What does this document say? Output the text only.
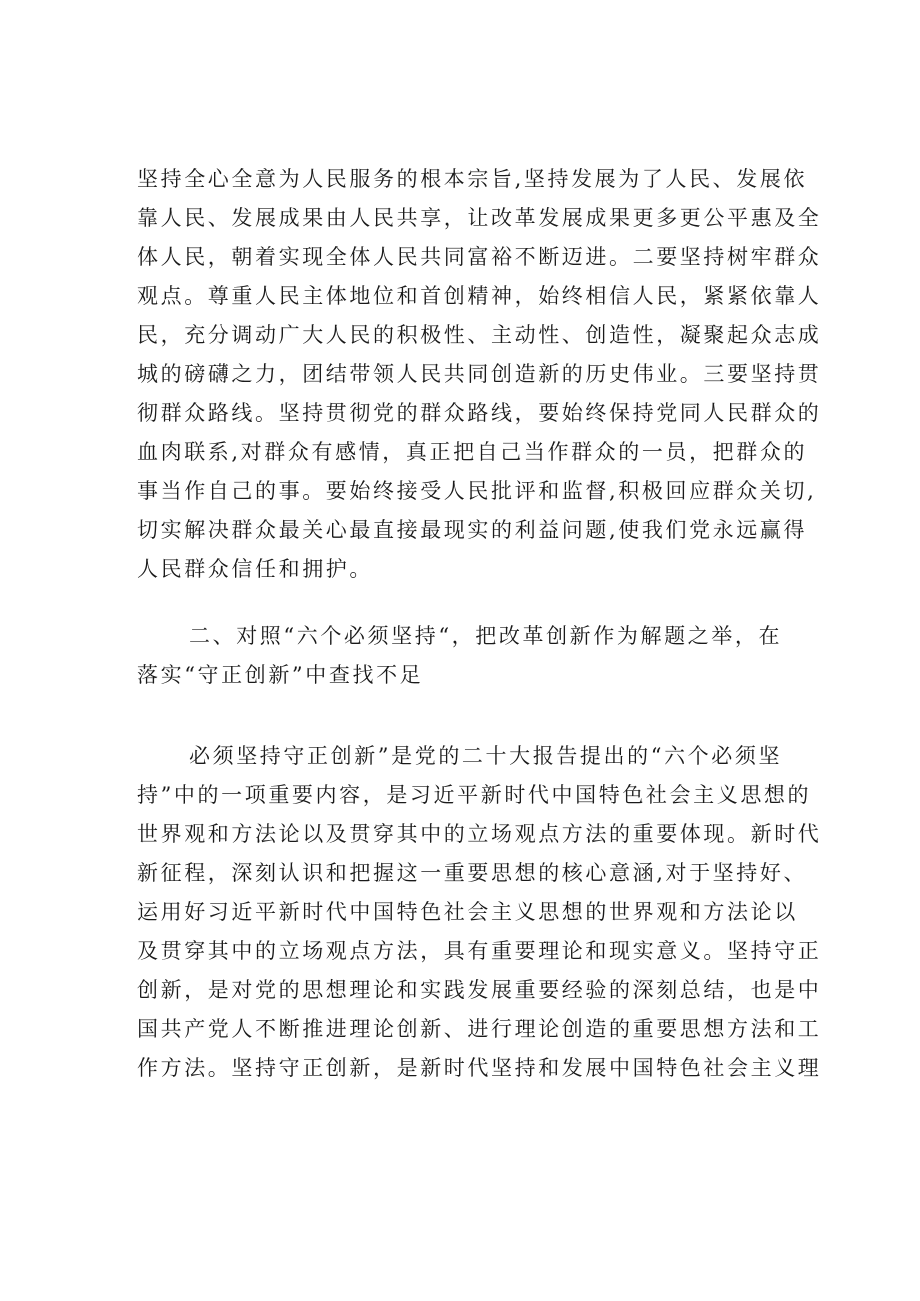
坚持全心全意为人民服务的根本宗旨,坚持发展为了人民、发展依
靠人民、发展成果由人民共享，让改革发展成果更多更公平惠及全
体人民，朝着实现全体人民共同富裕不断迈进。二要坚持树牢群众
观点。尊重人民主体地位和首创精神，始终相信人民，紧紧依靠人
民，充分调动广大人民的积极性、主动性、创造性，凝聚起众志成
城的磅礴之力，团结带领人民共同创造新的历史伟业。三要坚持贯
彻群众路线。坚持贯彻党的群众路线，要始终保持党同人民群众的
血肉联系,对群众有感情，真正把自己当作群众的一员，把群众的
事当作自己的事。要始终接受人民批评和监督,积极回应群众关切,
切实解决群众最关心最直接最现实的利益问题,使我们党永远赢得
人民群众信任和拥护。
二、对照“六个必须坚持“，把改革创新作为解题之举，在
落实“守正创新”中查找不足
必须坚持守正创新”是党的二十大报告提出的“六个必须坚
持”中的一项重要内容，是习近平新时代中国特色社会主义思想的
世界观和方法论以及贯穿其中的立场观点方法的重要体现。新时代
新征程，深刻认识和把握这一重要思想的核心意涵,对于坚持好、
运用好习近平新时代中国特色社会主义思想的世界观和方法论以
及贯穿其中的立场观点方法，具有重要理论和现实意义。坚持守正
创新，是对党的思想理论和实践发展重要经验的深刻总结，也是中
国共产党人不断推进理论创新、进行理论创造的重要思想方法和工
作方法。坚持守正创新，是新时代坚持和发展中国特色社会主义理
